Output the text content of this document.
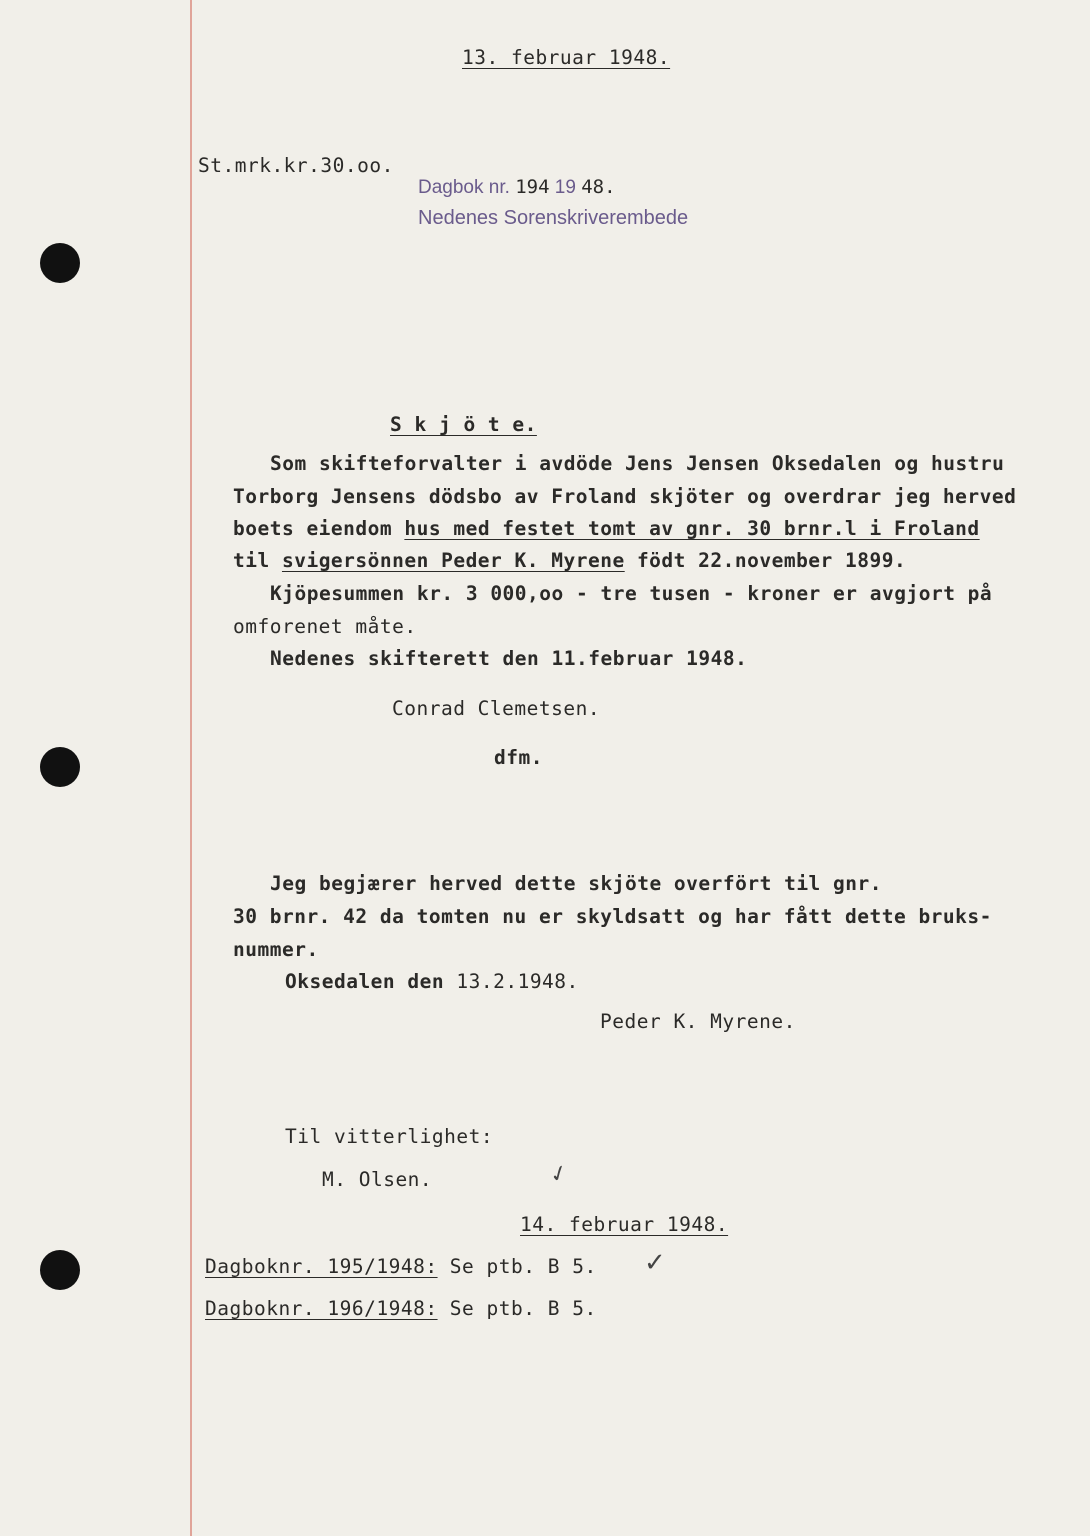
13. februar 1948.
St.mrk.kr.30.oo.
Dagbok nr. 194 19 48.
Nedenes Sorenskriverembede
S k j ö t e.
Som skifteforvalter i avdöde Jens Jensen Oksedalen og hustru
Torborg Jensens dödsbo av Froland skjöter og overdrar jeg herved
boets eiendom hus med festet tomt av gnr. 30 brnr.l i Froland
til svigersönnen Peder K. Myrene födt 22.november 1899.
Kjöpesummen kr. 3 000,oo - tre tusen - kroner er avgjort på
omforenet måte.
Nedenes skifterett den 11.februar 1948.
Conrad Clemetsen.
dfm.
Jeg begjærer herved dette skjöte overfört til gnr.
30 brnr. 42 da tomten nu er skyldsatt og har fått dette bruks-
nummer.
Oksedalen den 13.2.1948.
Peder K. Myrene.
Til vitterlighet:
M. Olsen.	✓
14. februar 1948.
Dagboknr. 195/1948: Se ptb. B 5. ✓
Dagboknr. 196/1948: Se ptb. B 5.
